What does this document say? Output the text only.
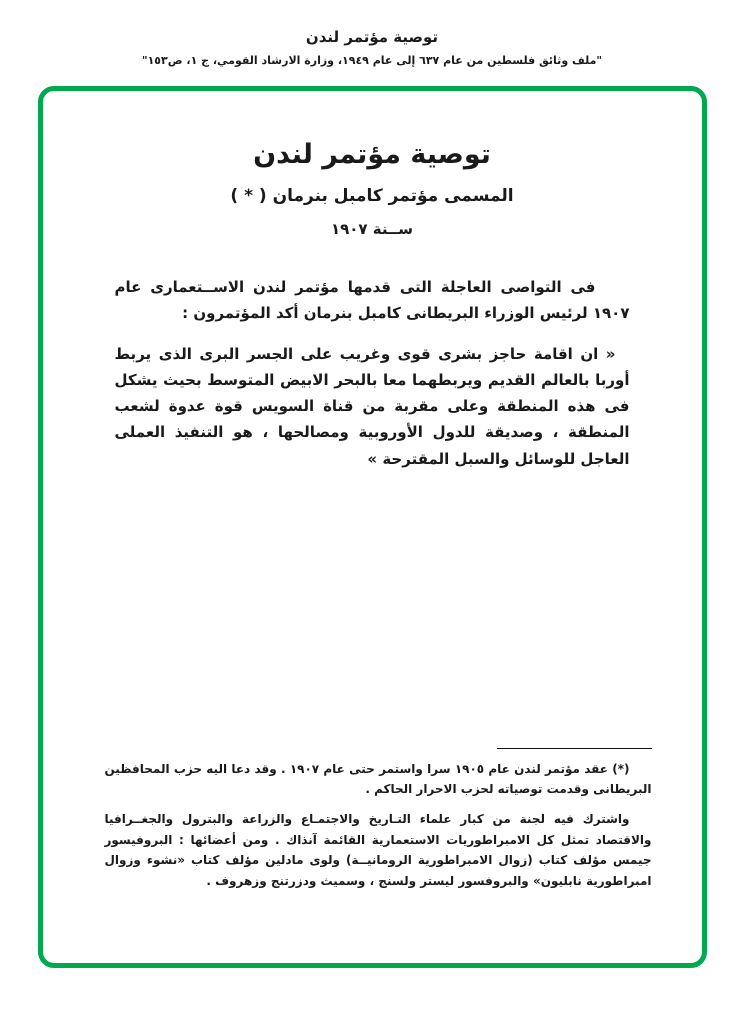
توصية مؤتمر لندن
"ملف وثائق فلسطين من عام ٦٣٧ إلى عام ١٩٤٩، وزارة الارشاد القومي، ج ١، ص١٥٣"
توصية مؤتمر لندن
المسمى مؤتمر كامبل بنرمان ( * )
ســنة ١٩٠٧

فى التواصى العاجلة التى قدمها مؤتمر لندن الاســتعمارى عام ١٩٠٧ لرئيس الوزراء البريطانى كامبل بنرمان أكد المؤتمرون :

« ان اقامة حاجز بشرى قوى وغريب على الجسر البرى الذى يربط أوربا بالعالم القديم ويربطهما معا بالبحر الابيض المتوسط بحيث يشكل فى هذه المنطقة وعلى مقربة من قناة السويس قوة عدوة لشعب المنطقة ، وصديقة للدول الأوروبية ومصالحها ، هو التنفيذ العملى العاجل للوسائل والسبل المقترحة »

(*) عقد مؤتمر لندن عام ١٩٠٥ سرا واستمر حتى عام ١٩٠٧ . وقد دعا اليه حزب المحافظين البريطانى وقدمت توصياته لحزب الاحرار الحاكم .

واشترك فيه لجنة من كبار علماء التـاريخ والاجتمـاع والزراعة والبترول والجغــرافيا والاقتصاد تمثل كل الامبراطوريات الاستعمارية القائمة آنذاك . ومن أعضائها : البروفيسور جيمس مؤلف كتاب (زوال الامبراطورية الرومانيــة) ولوى مادلين مؤلف كتاب «نشوء وزوال امبراطورية نابليون» والبروفسور ليستر ولسنج ، وسميث ودزرتنج وزهروف .
